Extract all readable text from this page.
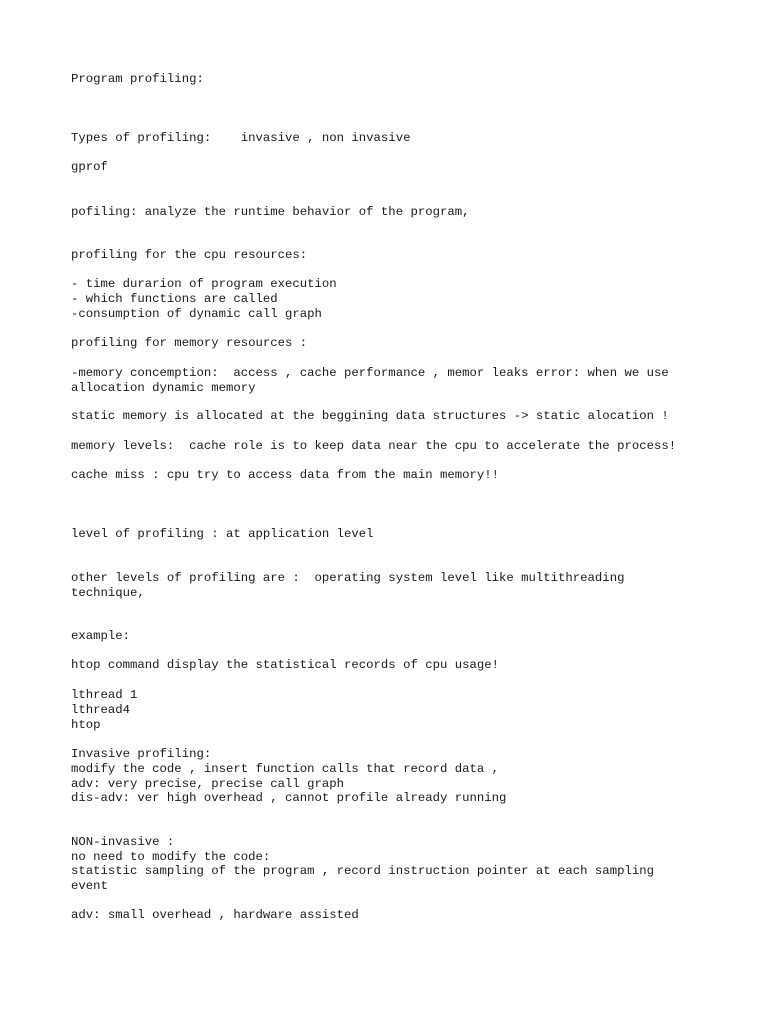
Program profiling:

Types of profiling:    invasive , non invasive

gprof

pofiling: analyze the runtime behavior of the program,

profiling for the cpu resources:

- time durarion of program execution

- which functions are called

-consumption of dynamic call graph

profiling for memory resources :

-memory concemption:  access , cache performance , memor leaks error: when we use

allocation dynamic memory

static memory is allocated at the beggining data structures -> static alocation !

memory levels:  cache role is to keep data near the cpu to accelerate the process!

cache miss : cpu try to access data from the main memory!!

level of profiling : at application level

other levels of profiling are :  operating system level like multithreading

technique,

example:

htop command display the statistical records of cpu usage!

lthread 1

lthread4

htop

Invasive profiling:

modify the code , insert function calls that record data ,

adv: very precise, precise call graph

dis-adv: ver high overhead , cannot profile already running

NON-invasive :

no need to modify the code:

statistic sampling of the program , record instruction pointer at each sampling

event

adv: small overhead , hardware assisted
